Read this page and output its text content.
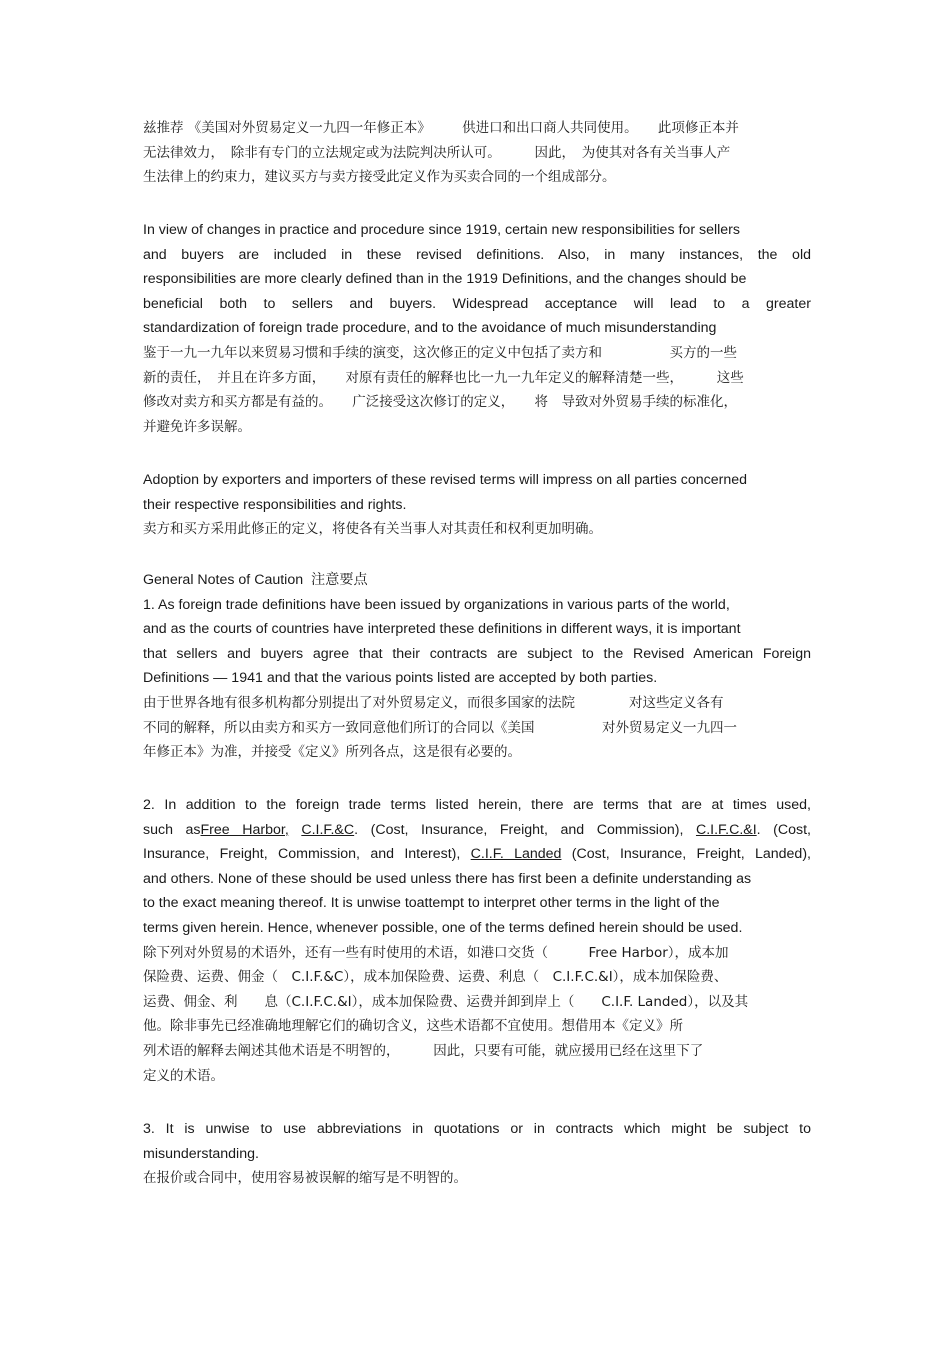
兹推荐 《美国对外贸易定义一九四一年修正本》 　　供进口和出口商人共同使用。　　此项修正本并
无法律效力，　除非有专门的立法规定或为法院判决所认可。　　　因此，　为使其对各有关当事人产
生法律上的约束力，建议买方与卖方接受此定义作为买卖合同的一个组成部分。
In view of changes in practice and procedure since 1919, certain new responsibilities for sellers
and buyers are included in these revised definitions. Also, in many instances, the old
responsibilities are more clearly defined than in the 1919 Definitions, and the changes should be
beneficial both to sellers and buyers. Widespread acceptance will lead to a greater
standardization of foreign trade procedure, and to the avoidance of much misunderstanding
鉴于一九一九年以来贸易习惯和手续的演变，这次修正的定义中包括了卖方和　　　　　买方的一些
新的责任，　并且在许多方面，　　对原有责任的解释也比一九一九年定义的解释清楚一些，　　　这些
修改对卖方和买方都是有益的。　　广泛接受这次修订的定义，　　将　导致对外贸易手续的标准化，
并避免许多误解。
Adoption by exporters and importers of these revised terms will impress on all parties concerned
their respective responsibilities and rights.
卖方和买方采用此修正的定义，将使各有关当事人对其责任和权利更加明确。
General Notes of Caution  注意要点
1. As foreign trade definitions have been issued by organizations in various parts of the world,
and as the courts of countries have interpreted these definitions in different ways, it is important
that sellers and buyers agree that their contracts are subject to the Revised American Foreign
Definitions — 1941 and that the various points listed are accepted by both parties.
由于世界各地有很多机构都分别提出了对外贸易定义，而很多国家的法院　　　　对这些定义各有
不同的解释，所以由卖方和买方一致同意他们所订的合同以《美国　　　　　对外贸易定义一九四一
年修正本》为准，并接受《定义》所列各点，这是很有必要的。
2. In addition to the foreign trade terms listed herein, there are terms that are at times used,
such asFree Harbor, C.I.F.&C. (Cost, Insurance, Freight, and Commission), C.I.F.C.&I. (Cost,
Insurance, Freight, Commission, and Interest), C.I.F. Landed (Cost, Insurance, Freight, Landed),
and others. None of these should be used unless there has first been a definite understanding as
to the exact meaning thereof. It is unwise toattempt to interpret other terms in the light of the
terms given herein. Hence, whenever possible, one of the terms defined herein should be used.
除下列对外贸易的术语外，还有一些有时使用的术语，如港口交货（　　　Free Harbor），成本加
保险费、运费、佣金（　C.I.F.&C），成本加保险费、运费、利息（　C.I.F.C.&I），成本加保险费、
运费、佣金、利　　息（C.I.F.C.&I），成本加保险费、运费并卸到岸上（　　C.I.F. Landed），以及其
他。除非事先已经准确地理解它们的确切含义，这些术语都不宜使用。想借用本《定义》所
列术语的解释去阐述其他术语是不明智的，　　　因此，只要有可能，就应援用已经在这里下了
定义的术语。
3. It is unwise to use abbreviations in quotations or in contracts which might be subject to
misunderstanding.
在报价或合同中，使用容易被误解的缩写是不明智的。
